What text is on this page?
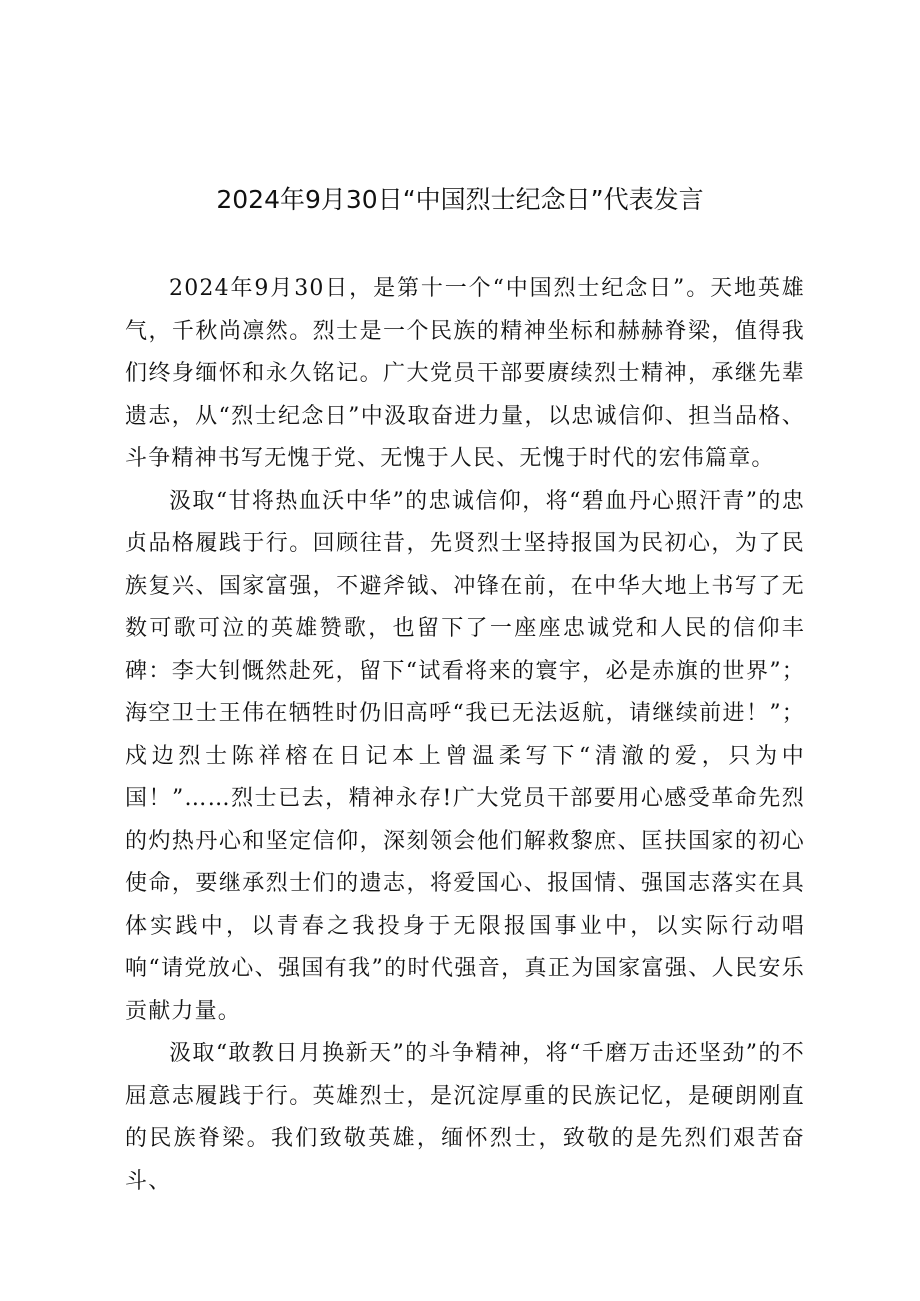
2024年9月30日“中国烈士纪念日”代表发言

2024年9月30日，是第十一个“中国烈士纪念日”。天地英雄气，千秋尚凛然。烈士是一个民族的精神坐标和赫赫脊梁，值得我们终身缅怀和永久铭记。广大党员干部要赓续烈士精神，承继先辈遗志，从“烈士纪念日”中汲取奋进力量，以忠诚信仰、担当品格、斗争精神书写无愧于党、无愧于人民、无愧于时代的宏伟篇章。

汲取“甘将热血沃中华”的忠诚信仰，将“碧血丹心照汗青”的忠贞品格履践于行。回顾往昔，先贤烈士坚持报国为民初心，为了民族复兴、国家富强，不避斧钺、冲锋在前，在中华大地上书写了无数可歌可泣的英雄赞歌，也留下了一座座忠诚党和人民的信仰丰碑：李大钊慨然赴死，留下“试看将来的寰宇，必是赤旗的世界”；海空卫士王伟在牺牲时仍旧高呼“我已无法返航，请继续前进！”；戍边烈士陈祥榕在日记本上曾温柔写下“清澈的爱，只为中国！”……烈士已去，精神永存!广大党员干部要用心感受革命先烈的灼热丹心和坚定信仰，深刻领会他们解救黎庶、匡扶国家的初心使命，要继承烈士们的遗志，将爱国心、报国情、强国志落实在具体实践中，以青春之我投身于无限报国事业中，以实际行动唱响“请党放心、强国有我”的时代强音，真正为国家富强、人民安乐贡献力量。

汲取“敢教日月换新天”的斗争精神，将“千磨万击还坚劲”的不屈意志履践于行。英雄烈士，是沉淀厚重的民族记忆，是硬朗刚直的民族脊梁。我们致敬英雄，缅怀烈士，致敬的是先烈们艰苦奋斗、
